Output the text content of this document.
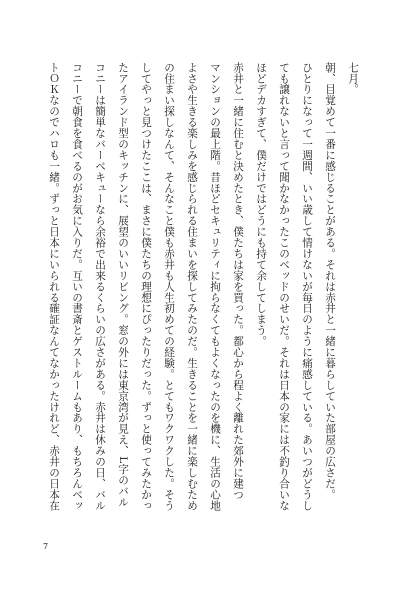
七月。
朝、目覚めて一番に感じることがある。それは赤井と一緒に暮らしていた部屋の広さだ。
ひとりになって一週間、いい歳して情けないが毎日のように痛感している。あいつがどうし
ても譲れないと言って聞かなかったこのベッドのせいだ。それは日本の家には不釣り合いな
ほどデカすぎて、僕だけではどうにも持て余してしまう。
赤井と一緒に住むと決めたとき、僕たちは家を買った。都心から程よく離れた郊外に建つ
マンションの最上階。昔ほどセキュリティに拘らなくてもよくなったのを機に、生活の心地
よさや生きる楽しみを感じられる住まいを探してみたのだ。生きることを一緒に楽しむため
の住まい探しなんて、そんなこと僕も赤井も人生初めての経験。とてもワクワクした。そう
してやっと見つけたここは、まさに僕たちの理想にぴったりだった。ずっと使ってみたかっ
たアイランド型のキッチンに、展望のいいリビング。窓の外には東京湾が見え、L字のバル
コニーは簡単なバーベキューなら余裕で出来るくらいの広さがある。赤井は休みの日、バル
コニーで朝食を食べるのがお気に入りだ。互いの書斎とゲストルームもあり、もちろんベッ
トＯＫなのでハロも一緒。ずっと日本にいられる確証なんてなかったけれど、赤井の日本在
7
